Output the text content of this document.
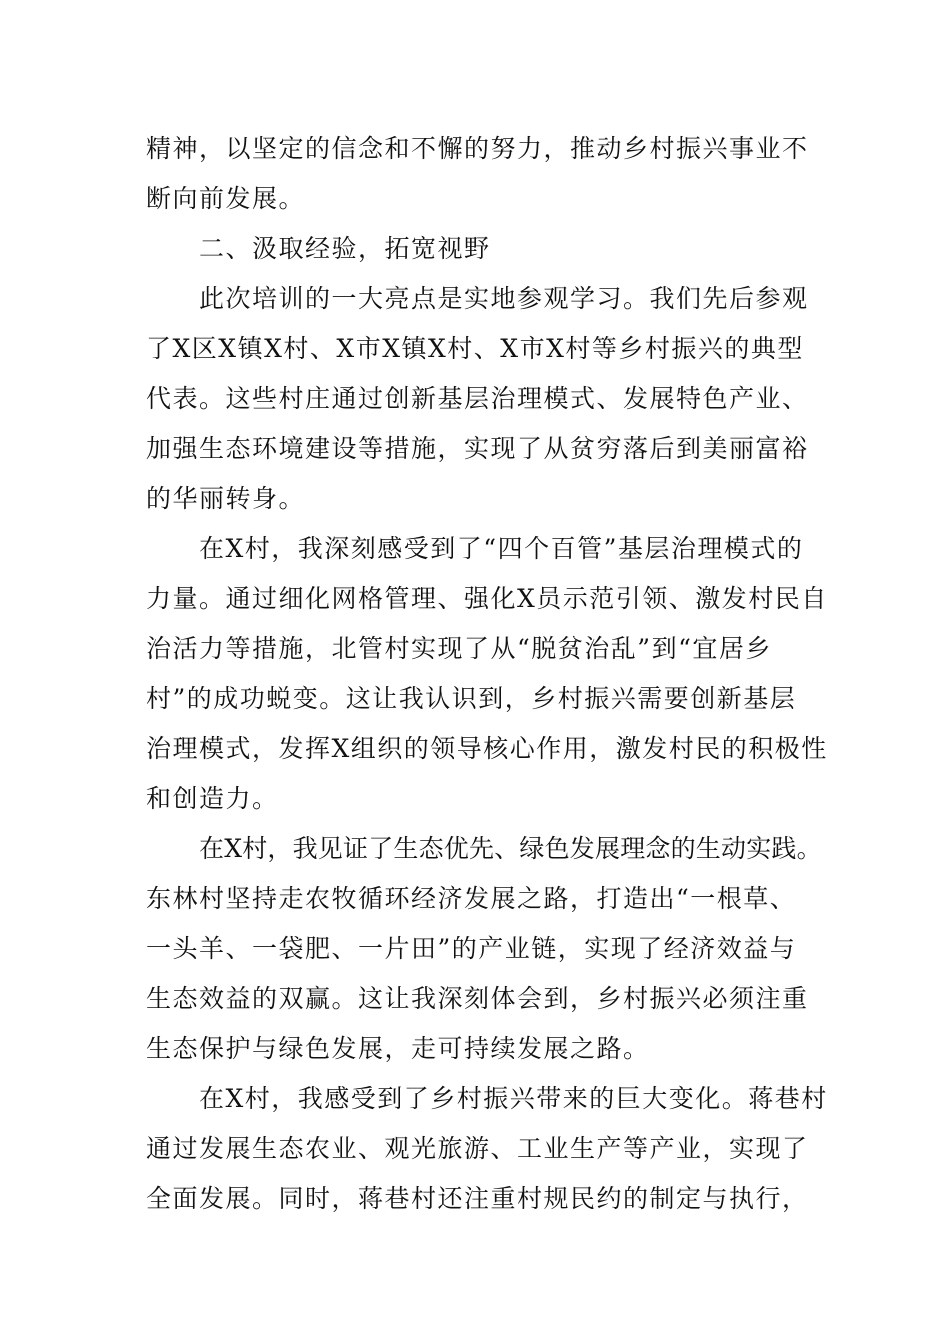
精神，以坚定的信念和不懈的努力，推动乡村振兴事业不
断向前发展。
二、汲取经验，拓宽视野
此次培训的一大亮点是实地参观学习。我们先后参观
了X区X镇X村、X市X镇X村、X市X村等乡村振兴的典型
代表。这些村庄通过创新基层治理模式、发展特色产业、
加强生态环境建设等措施，实现了从贫穷落后到美丽富裕
的华丽转身。
在X村，我深刻感受到了“四个百管”基层治理模式的
力量。通过细化网格管理、强化X员示范引领、激发村民自
治活力等措施，北管村实现了从“脱贫治乱”到“宜居乡
村”的成功蜕变。这让我认识到，乡村振兴需要创新基层
治理模式，发挥X组织的领导核心作用，激发村民的积极性
和创造力。
在X村，我见证了生态优先、绿色发展理念的生动实践。
东林村坚持走农牧循环经济发展之路，打造出“一根草、
一头羊、一袋肥、一片田”的产业链，实现了经济效益与
生态效益的双赢。这让我深刻体会到，乡村振兴必须注重
生态保护与绿色发展，走可持续发展之路。
在X村，我感受到了乡村振兴带来的巨大变化。蒋巷村
通过发展生态农业、观光旅游、工业生产等产业，实现了
全面发展。同时，蒋巷村还注重村规民约的制定与执行，
